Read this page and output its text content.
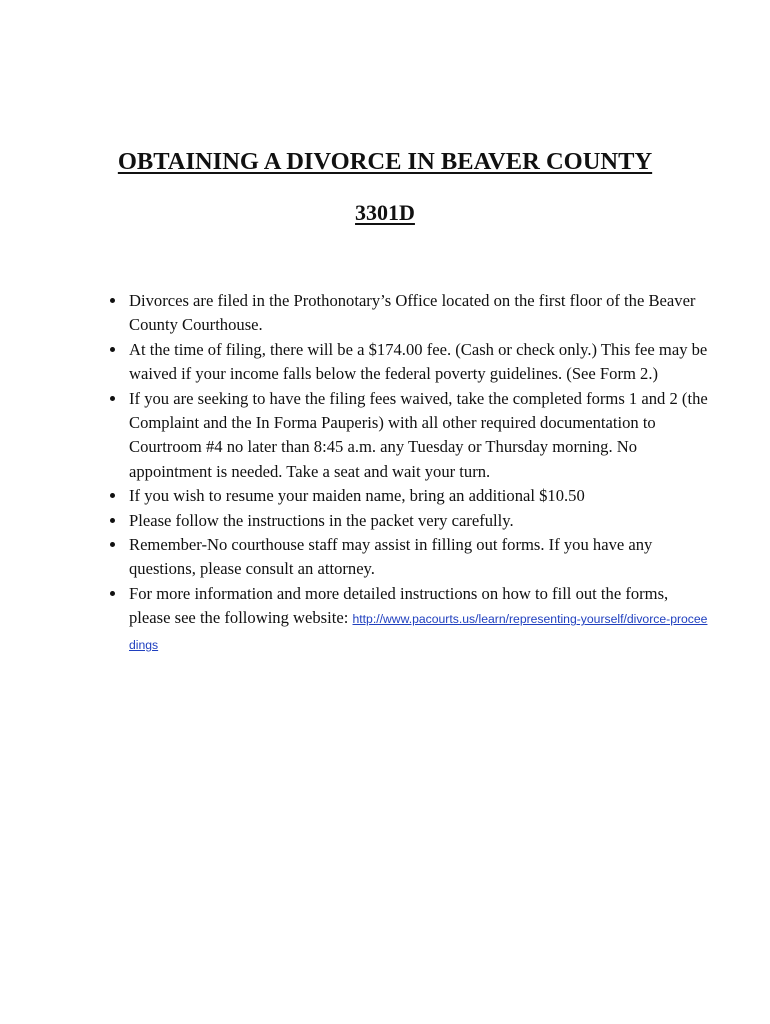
OBTAINING A DIVORCE IN BEAVER COUNTY
3301D
Divorces are filed in the Prothonotary’s Office located on the first floor of the Beaver County Courthouse.
At the time of filing, there will be a $174.00 fee. (Cash or check only.) This fee may be waived if your income falls below the federal poverty guidelines. (See Form 2.)
If you are seeking to have the filing fees waived, take the completed forms 1 and 2 (the Complaint and the In Forma Pauperis) with all other required documentation to Courtroom #4 no later than 8:45 a.m. any Tuesday or Thursday morning. No appointment is needed. Take a seat and wait your turn.
If you wish to resume your maiden name, bring an additional $10.50
Please follow the instructions in the packet very carefully.
Remember-No courthouse staff may assist in filling out forms. If you have any questions, please consult an attorney.
For more information and more detailed instructions on how to fill out the forms, please see the following website: http://www.pacourts.us/learn/representing-yourself/divorce-proceedings
